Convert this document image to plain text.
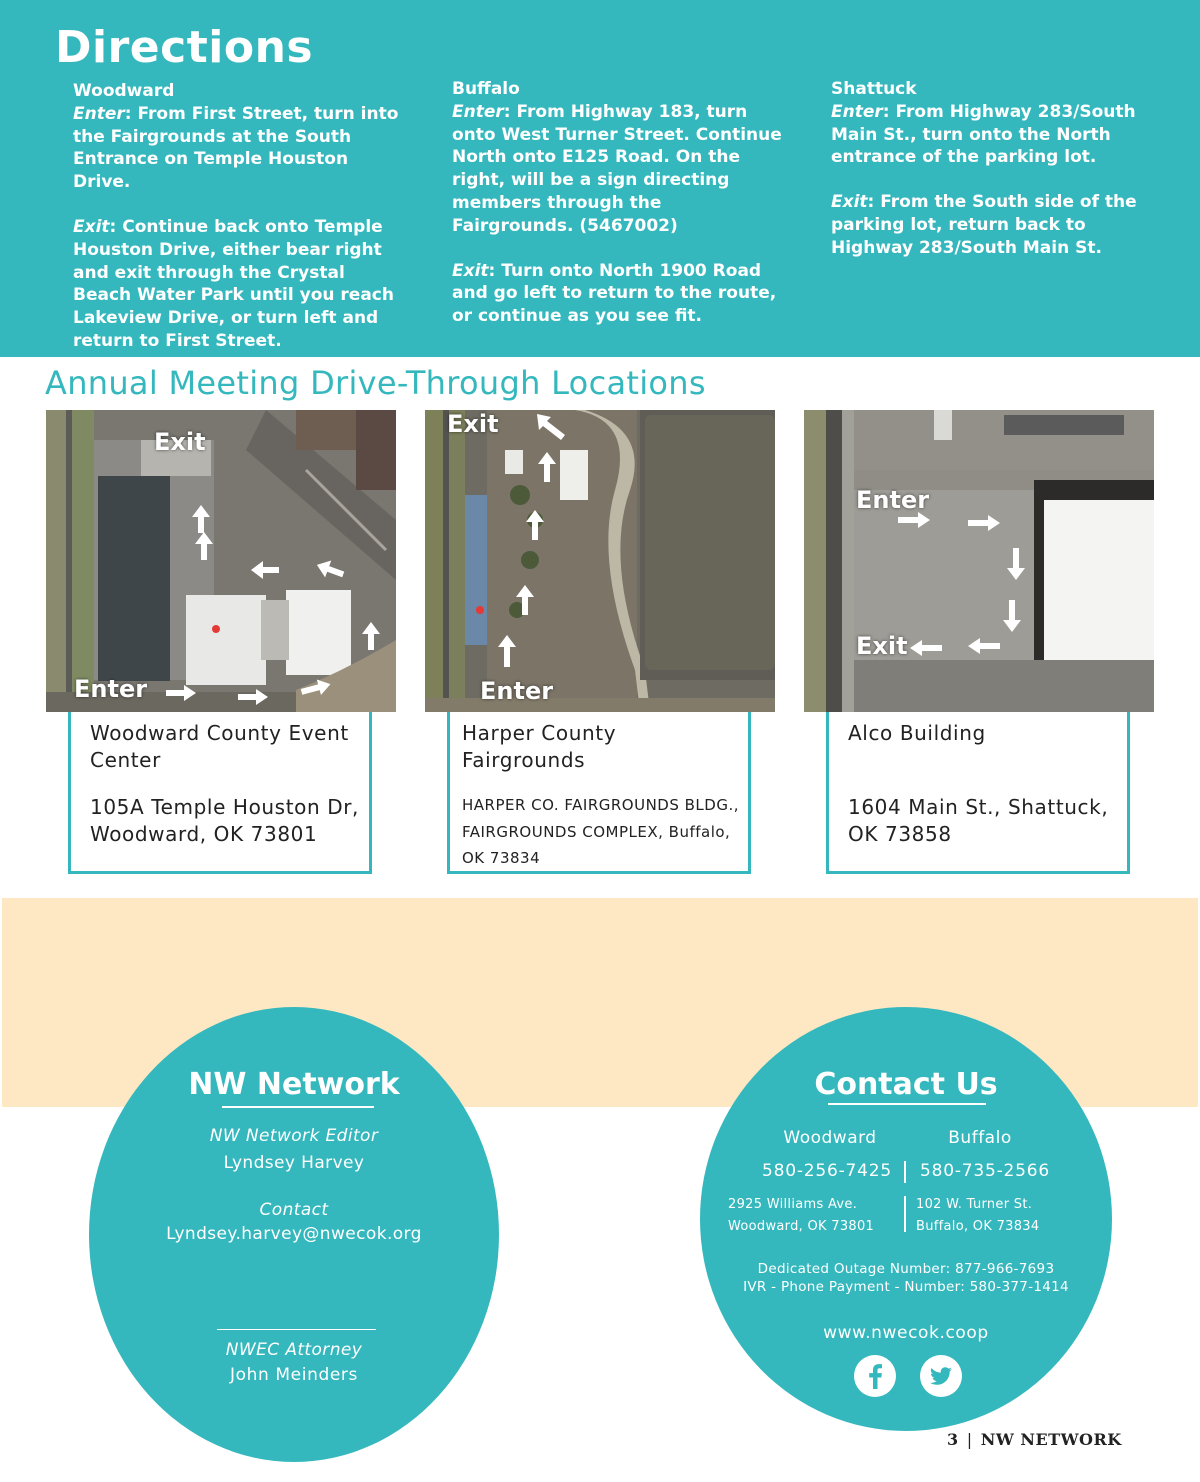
Directions
Woodward

Enter: From First Street, turn into the Fairgrounds at the South Entrance on Temple Houston Drive.

Exit: Continue back onto Temple Houston Drive, either bear right and exit through the Crystal Beach Water Park until you reach Lakeview Drive, or turn left and return to First Street.

Buffalo

Enter: From Highway 183, turn onto West Turner Street. Continue North onto E125 Road. On the right, will be a sign directing members through the Fairgrounds. (5467002)

Exit: Turn onto North 1900 Road and go left to return to the route, or continue as you see fit.

Shattuck

Enter: From Highway 283/South Main St., turn onto the North entrance of the parking lot.

Exit: From the South side of the parking lot, return back to Highway 283/South Main St.

Annual Meeting Drive-Through Locations
Exit
Enter
Exit
Enter
Enter
Exit
Woodward County Event Center
105A Temple Houston Dr, Woodward, OK 73801
Harper County Fairgrounds
HARPER CO. FAIRGROUNDS BLDG., FAIRGROUNDS COMPLEX, Buffalo, OK 73834
Alco Building
1604 Main St., Shattuck, OK 73858
NW Network
NW Network Editor
Lyndsey Harvey
Contact
Lyndsey.harvey@nwecok.org
NWEC Attorney
John Meinders
Contact Us
Woodward	Buffalo
580-256-7425	580-735-2566
2925 Williams Ave.
Woodward, OK 73801
102 W. Turner St.
Buffalo, OK 73834
Dedicated Outage Number: 877-966-7693
IVR - Phone Payment - Number: 580-377-1414
www.nwecok.coop
3 | NW NETWORK
